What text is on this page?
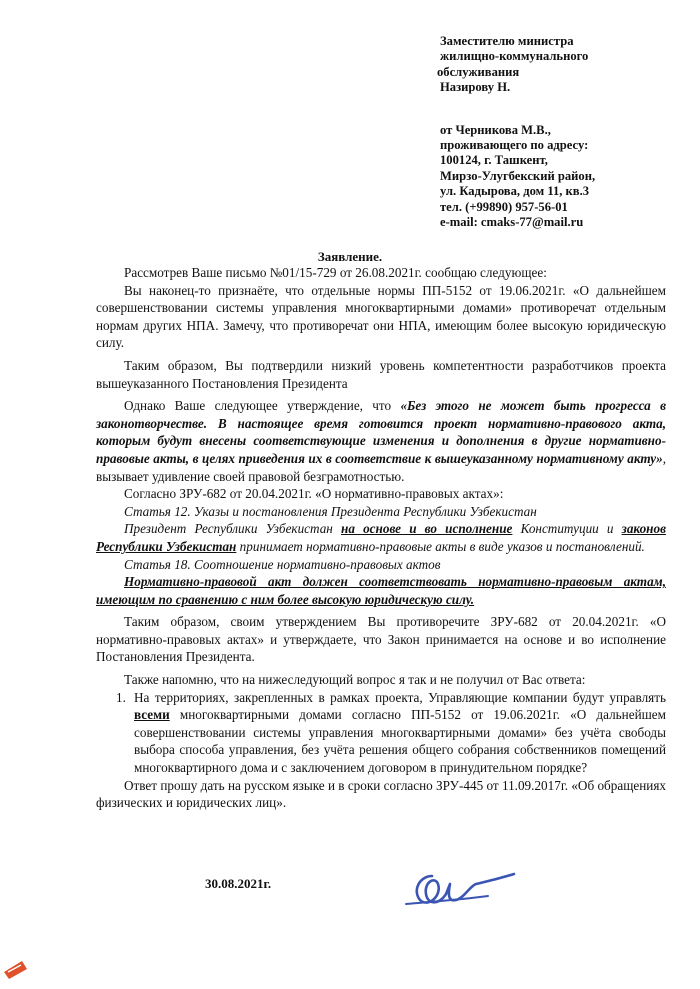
Заместителю министра
жилищно-коммунального
обслуживания
Назирову Н.
от Черникова М.В.,
проживающего по адресу:
100124, г. Ташкент,
Мирзо-Улугбекский район,
ул. Кадырова, дом 11, кв.3
тел. (+99890) 957-56-01
e-mail: cmaks-77@mail.ru
Заявление.

Рассмотрев Ваше письмо №01/15-729 от 26.08.2021г. сообщаю следующее:

Вы наконец-то признаёте, что отдельные нормы ПП-5152 от 19.06.2021г. «О дальнейшем совершенствовании системы управления многоквартирными домами» противоречат отдельным нормам других НПА. Замечу, что противоречат они НПА, имеющим более высокую юридическую силу.

Таким образом, Вы подтвердили низкий уровень компетентности разработчиков проекта вышеуказанного Постановления Президента

Однако Ваше следующее утверждение, что «Без этого не может быть прогресса в законотворчестве. В настоящее время готовится проект нормативно-правового акта, которым будут внесены соответствующие изменения и дополнения в другие нормативно-правовые акты, в целях приведения их в соответствие к вышеуказанному нормативному акту», вызывает удивление своей правовой безграмотностью.

Согласно ЗРУ-682 от 20.04.2021г. «О нормативно-правовых актах»:

Статья 12. Указы и постановления Президента Республики Узбекистан

Президент Республики Узбекистан на основе и во исполнение Конституции и законов Республики Узбекистан принимает нормативно-правовые акты в виде указов и постановлений.

Статья 18. Соотношение нормативно-правовых актов

Нормативно-правовой акт должен соответствовать нормативно-правовым актам, имеющим по сравнению с ним более высокую юридическую силу.

Таким образом, своим утверждением Вы противоречите ЗРУ-682 от 20.04.2021г. «О нормативно-правовых актах» и утверждаете, что Закон принимается на основе и во исполнение Постановления Президента.

Также напомню, что на нижеследующий вопрос я так и не получил от Вас ответа:

1. На территориях, закрепленных в рамках проекта, Управляющие компании будут управлять всеми многоквартирными домами согласно ПП-5152 от 19.06.2021г. «О дальнейшем совершенствовании системы управления многоквартирными домами» без учёта свободы выбора способа управления, без учёта решения общего собрания собственников помещений многоквартирного дома и с заключением договором в принудительном порядке?

Ответ прошу дать на русском языке и в сроки согласно ЗРУ-445 от 11.09.2017г. «Об обращениях физических и юридических лиц».

30.08.2021г.
